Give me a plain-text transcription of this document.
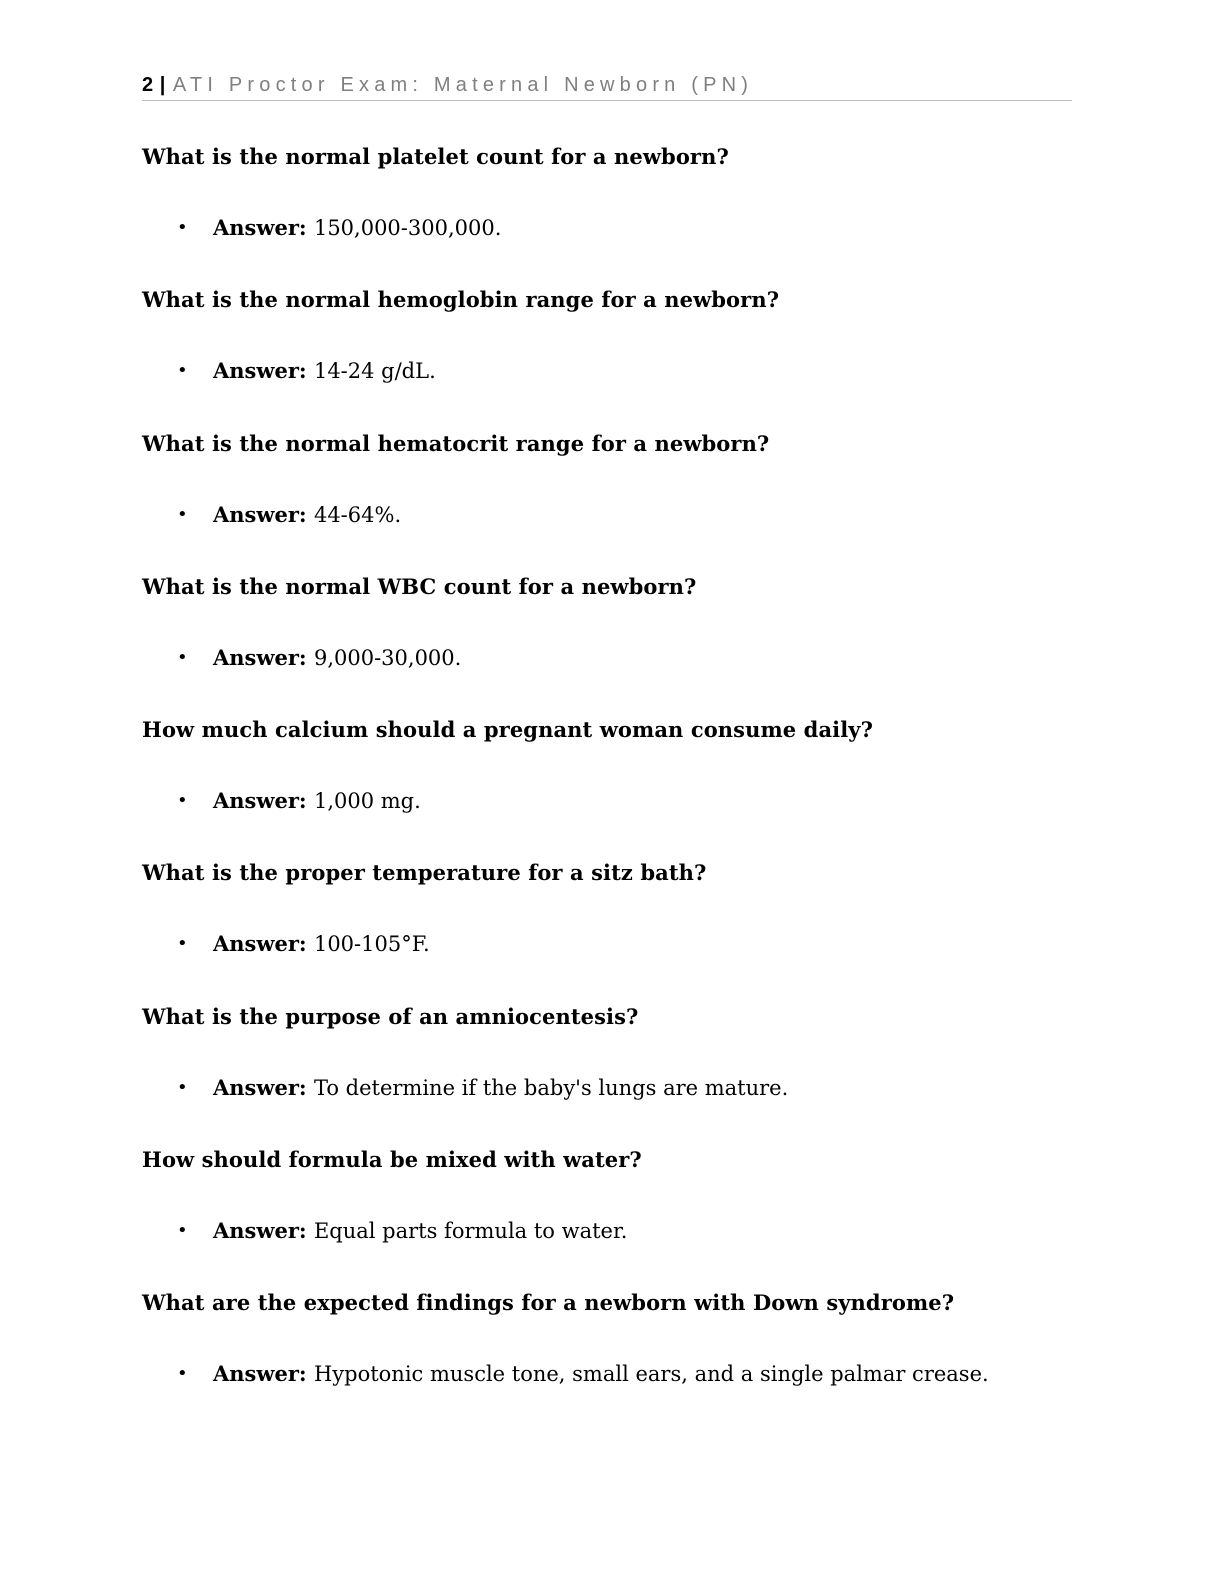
2 | ATI Proctor Exam: Maternal Newborn (PN)

What is the normal platelet count for a newborn?

• Answer: 150,000-300,000.

What is the normal hemoglobin range for a newborn?

• Answer: 14-24 g/dL.

What is the normal hematocrit range for a newborn?

• Answer: 44-64%.

What is the normal WBC count for a newborn?

• Answer: 9,000-30,000.

How much calcium should a pregnant woman consume daily?

• Answer: 1,000 mg.

What is the proper temperature for a sitz bath?

• Answer: 100-105°F.

What is the purpose of an amniocentesis?

• Answer: To determine if the baby's lungs are mature.

How should formula be mixed with water?

• Answer: Equal parts formula to water.

What are the expected findings for a newborn with Down syndrome?

• Answer: Hypotonic muscle tone, small ears, and a single palmar crease.
